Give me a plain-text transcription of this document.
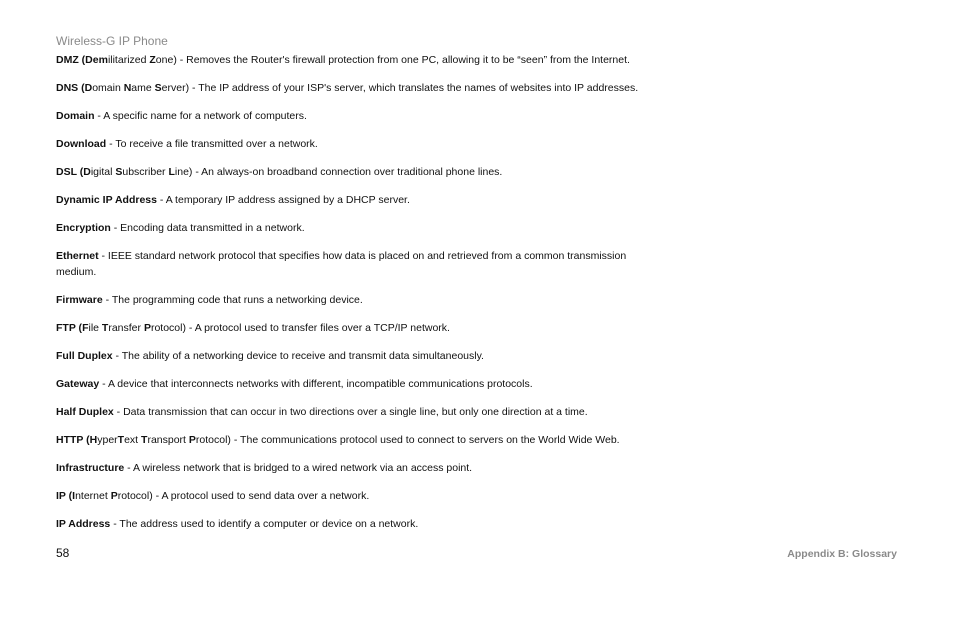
Wireless-G IP Phone
DMZ (Demilitarized Zone) - Removes the Router's firewall protection from one PC, allowing it to be “seen” from the Internet.
DNS (Domain Name Server) - The IP address of your ISP's server, which translates the names of websites into IP addresses.
Domain - A specific name for a network of computers.
Download - To receive a file transmitted over a network.
DSL (Digital Subscriber Line) - An always-on broadband connection over traditional phone lines.
Dynamic IP Address - A temporary IP address assigned by a DHCP server.
Encryption - Encoding data transmitted in a network.
Ethernet - IEEE standard network protocol that specifies how data is placed on and retrieved from a common transmission medium.
Firmware - The programming code that runs a networking device.
FTP (File Transfer Protocol) - A protocol used to transfer files over a TCP/IP network.
Full Duplex - The ability of a networking device to receive and transmit data simultaneously.
Gateway - A device that interconnects networks with different, incompatible communications protocols.
Half Duplex - Data transmission that can occur in two directions over a single line, but only one direction at a time.
HTTP (HyperText Transport Protocol) - The communications protocol used to connect to servers on the World Wide Web.
Infrastructure - A wireless network that is bridged to a wired network via an access point.
IP (Internet Protocol) - A protocol used to send data over a network.
IP Address - The address used to identify a computer or device on a network.
58	Appendix B: Glossary
